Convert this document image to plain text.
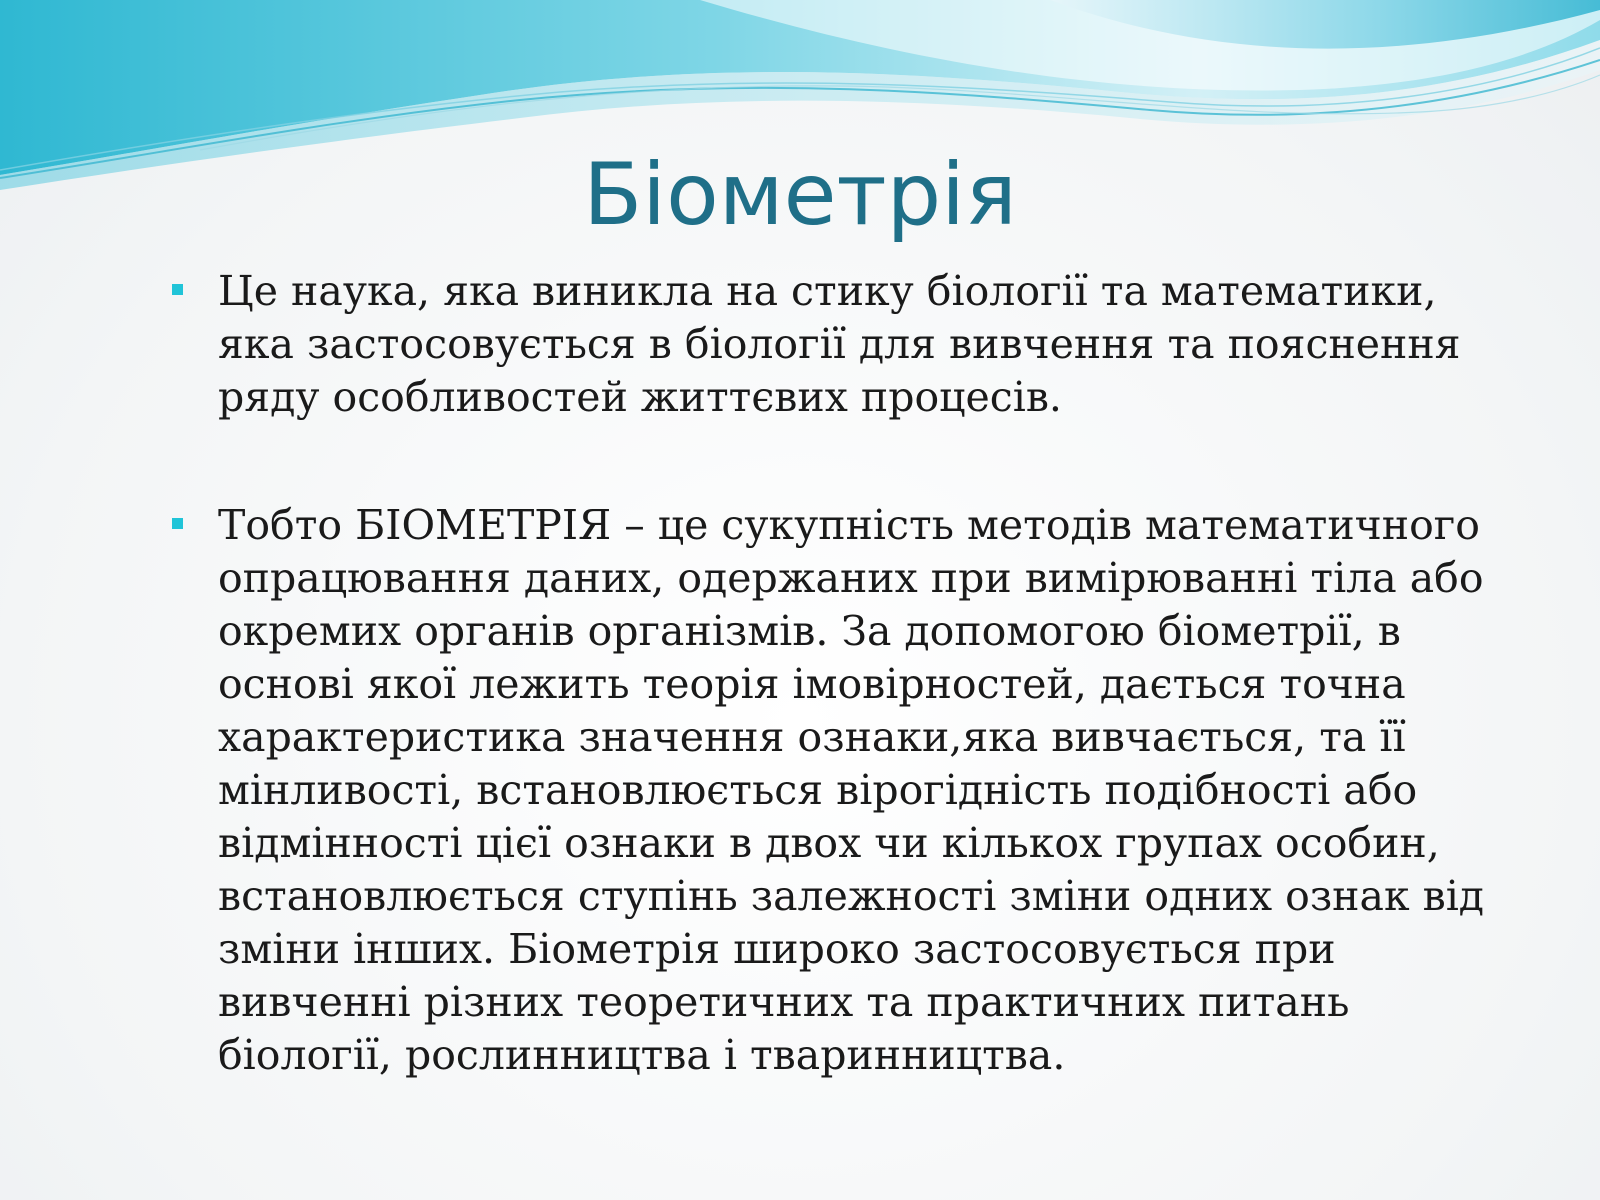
Біометрія

Це наука, яка виникла на стику біології та математики, яка застосовується в біології для вивчення та пояснення ряду особливостей життєвих процесів.

Тобто БІОМЕТРІЯ – це сукупність методів математичного опрацювання даних, одержаних при вимірюванні тіла або окремих органів організмів. За допомогою біометрії, в основі якої лежить теорія імовірностей, дається точна характеристика значення ознаки,яка вивчається, та її мінливості, встановлюється вірогідність подібності або відмінності цієї ознаки в двох чи кількох групах особин, встановлюється ступінь залежності зміни одних ознак від зміни інших. Біометрія широко застосовується при вивченні різних теоретичних та практичних питань біології, рослинництва і тваринництва.
